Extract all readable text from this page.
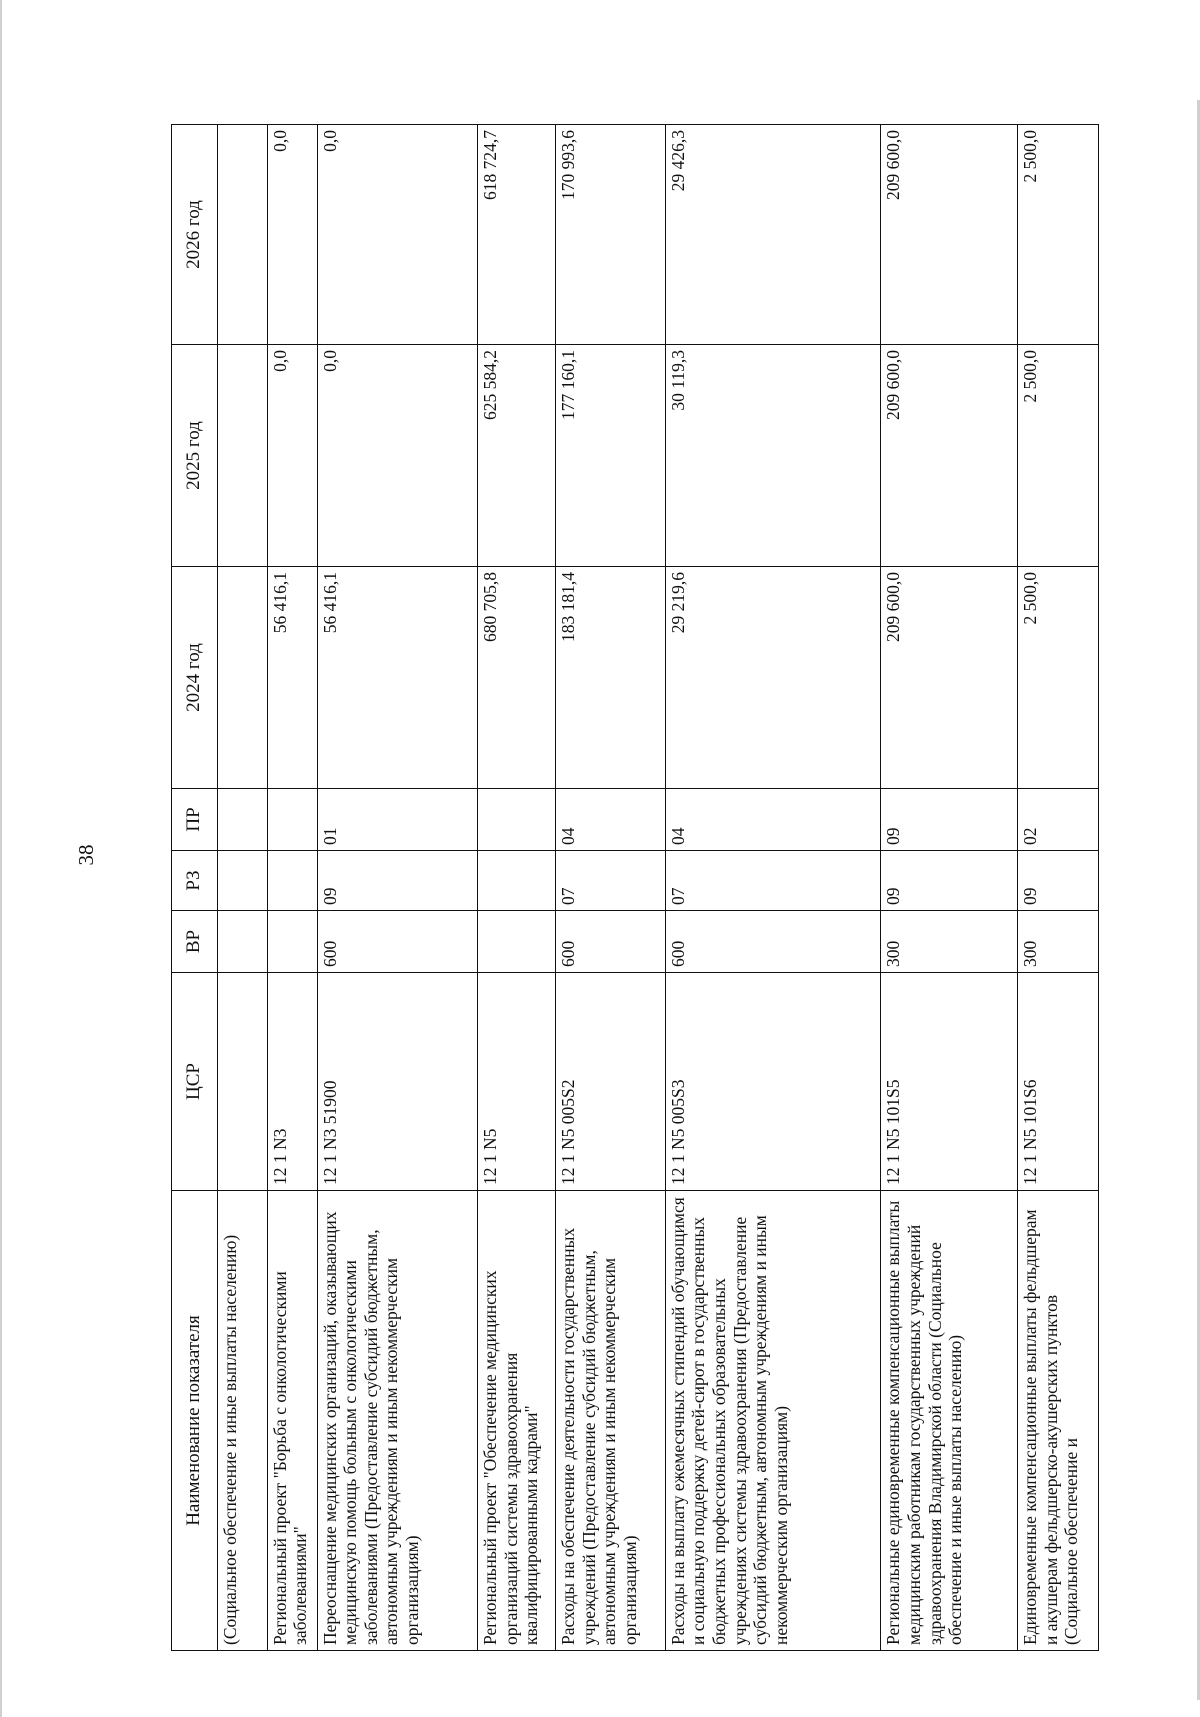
38
Наименование показателя	ЦСР	ВР	РЗ	ПР	2024 год	2025 год	2026 год
(Социальное обеспечение и иные выплаты населению)							
Региональный проект "Борьба с онкологическими заболеваниями"	12 1 N3				56 416,1	0,0	0,0
Переоснащение медицинских организаций, оказывающих медицинскую помощь больным с онкологическими заболеваниями (Предоставление субсидий бюджетным, автономным учреждениям и иным некоммерческим организациям)	12 1 N3 51900	600	09	01	56 416,1	0,0	0,0
Региональный проект "Обеспечение медицинских организаций системы здравоохранения квалифицированными кадрами"	12 1 N5				680 705,8	625 584,2	618 724,7
Расходы на обеспечение деятельности государственных учреждений (Предоставление субсидий бюджетным, автономным учреждениям и иным некоммерческим организациям)	12 1 N5 005S2	600	07	04	183 181,4	177 160,1	170 993,6
Расходы на выплату ежемесячных стипендий обучающимся и социальную поддержку детей-сирот в государственных бюджетных профессиональных образовательных учреждениях системы здравоохранения (Предоставление субсидий бюджетным, автономным учреждениям и иным некоммерческим организациям)	12 1 N5 005S3	600	07	04	29 219,6	30 119,3	29 426,3
Региональные единовременные компенсационные выплаты медицинским работникам государственных учреждений здравоохранения Владимирской области (Социальное обеспечение и иные выплаты населению)	12 1 N5 101S5	300	09	09	209 600,0	209 600,0	209 600,0
Единовременные компенсационные выплаты фельдшерам и акушерам фельдшерско-акушерских пунктов (Социальное обеспечение и	12 1 N5 101S6	300	09	02	2 500,0	2 500,0	2 500,0
